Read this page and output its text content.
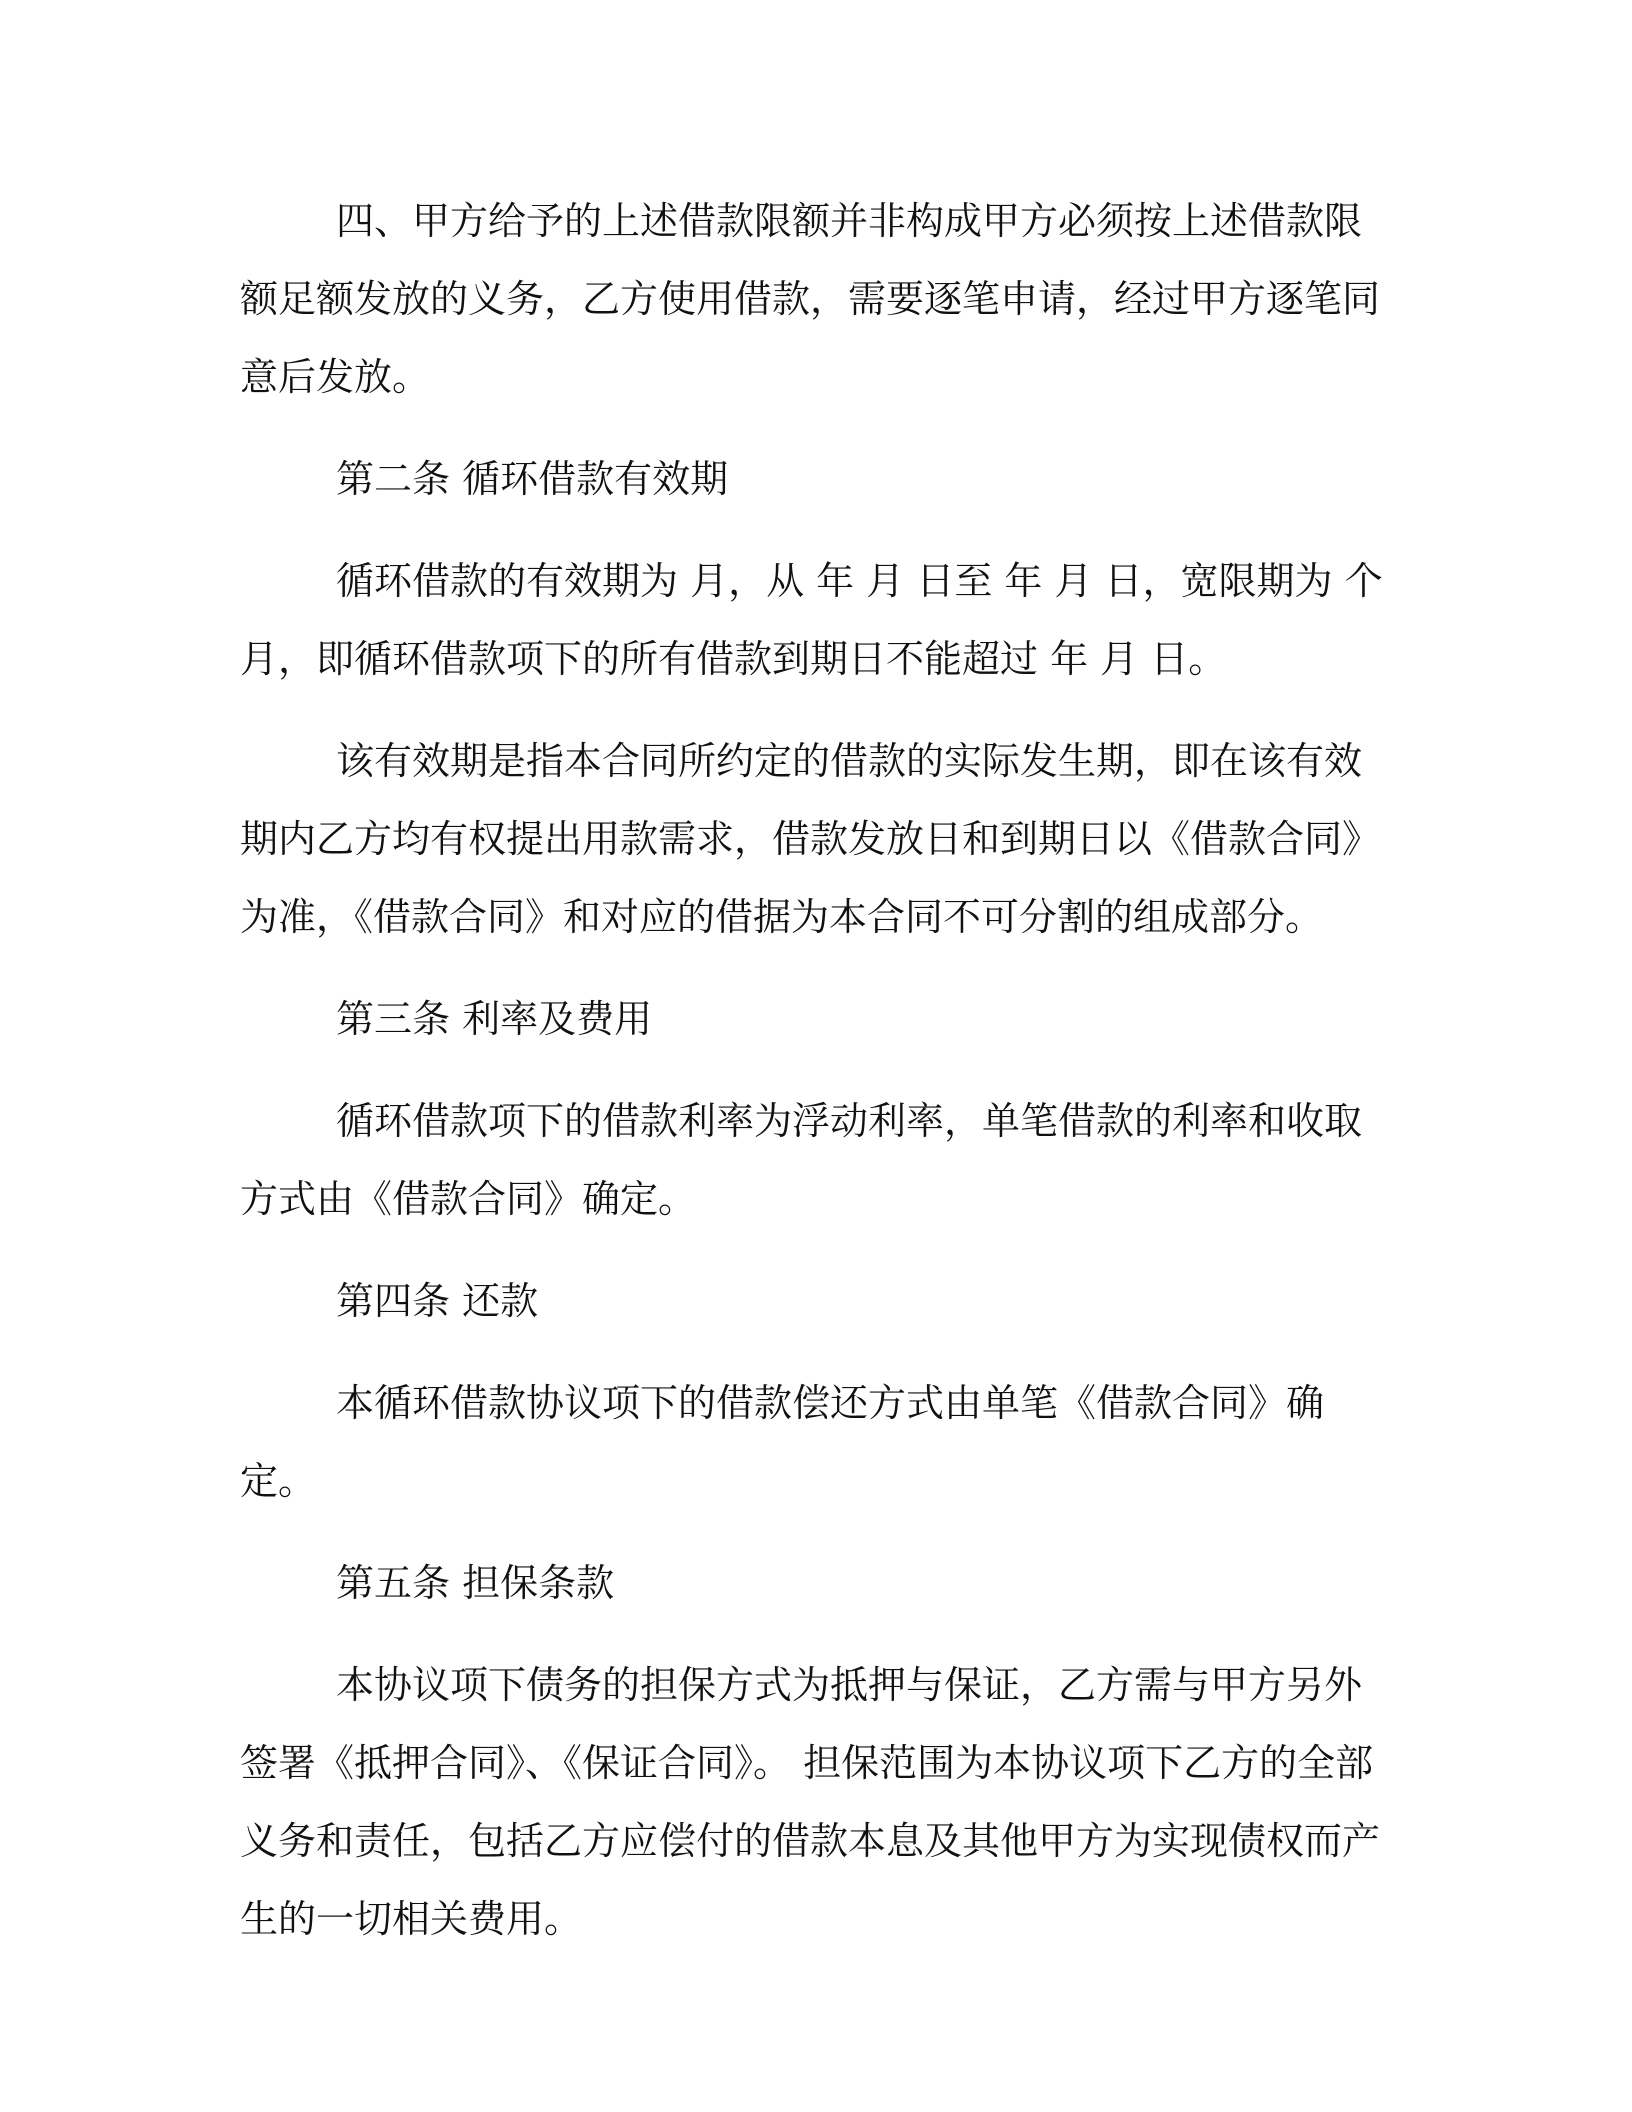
四、甲方给予的上述借款限额并非构成甲方必须按上述借款限额足额发放的义务，乙方使用借款，需要逐笔申请，经过甲方逐笔同意后发放。

第二条 循环借款有效期

循环借款的有效期为 月，从 年 月 日至 年 月 日，宽限期为 个月，即循环借款项下的所有借款到期日不能超过 年 月 日。

该有效期是指本合同所约定的借款的实际发生期，即在该有效期内乙方均有权提出用款需求，借款发放日和到期日以《借款合同》为准，《借款合同》和对应的借据为本合同不可分割的组成部分。

第三条 利率及费用

循环借款项下的借款利率为浮动利率，单笔借款的利率和收取方式由《借款合同》确定。

第四条 还款

本循环借款协议项下的借款偿还方式由单笔《借款合同》确定。

第五条 担保条款

本协议项下债务的担保方式为抵押与保证，乙方需与甲方另外签署《抵押合同》、《保证合同》。 担保范围为本协议项下乙方的全部义务和责任，包括乙方应偿付的借款本息及其他甲方为实现债权而产生的一切相关费用。
